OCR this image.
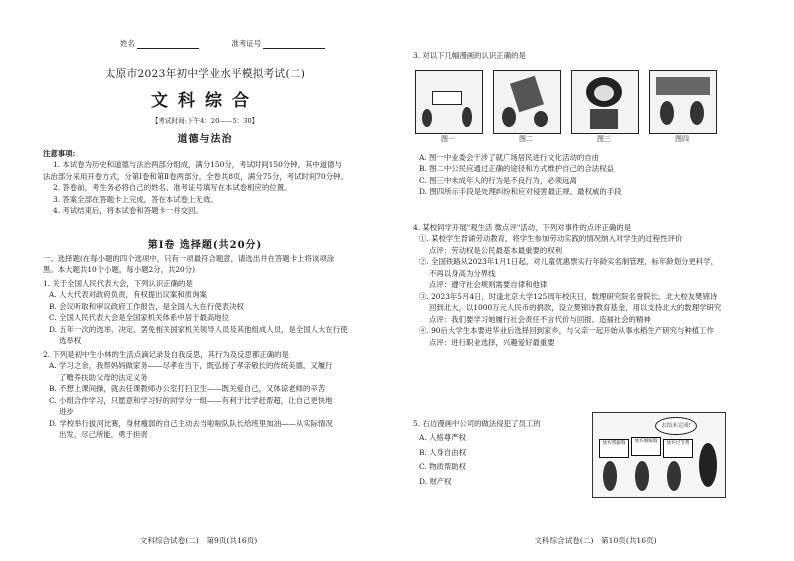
姓名	准考证号
太原市2023年初中学业水平模拟考试(二)
文科综合
【考试时间:下午4：20——5：30】
道德与法治
注意事项:
1. 本试卷为历史和道德与法治两部分组成，满分150分，考试时间150分钟。其中道德与
法治部分采用开卷方式，分第Ⅰ卷和第Ⅱ卷两部分，全卷共8页，满分75分，考试时间70分钟。
2. 答卷前，考生务必将自己的姓名、准考证号填写在本试卷相应的位置。
3. 答案全部在答题卡上完成，答在本试卷上无效。
4. 考试结束后，将本试卷和答题卡一并交回。
第Ⅰ卷 选择题(共20分)
一、选择题(在每小题的四个选项中，只有一项最符合题意，请选出并在答题卡上将该项涂
黑。本大题共10个小题，每小题2分，共20分)
1. 关于全国人民代表大会，下列认识正确的是
A. 人大代表对政府负责，有权提出议案和质询案
B. 会议听取和审议政府工作报告，是全国人大在行使表决权
C. 全国人民代表大会是全国家机关体系中居于最高地位
D. 五年一次的选举、决定、罢免相关国家机关领导人员及其他组成人员，是全国人大在行使
选举权
2. 下列是初中生小林的生活点滴记录及自我反思，其行为及反思都正确的是
A. 学习之余，我帮妈妈做家务——尽孝在当下，既弘扬了孝亲敬长的传统美德，又履行
了赡养扶助父母的法定义务
B. 不想上课间操，就去任课教师办公室打扫卫生——既关爱自己，又体谅老师的辛苦
C. 小组合作学习，只愿意和学习好的同学分一组——有利于比学赶帮超，让自己更快地
进步
D. 学校举行拔河比赛，身材瘦弱的自己主动去当啦啦队队长给班里加油——从实际情况
出发，尽己所能，勇于担责
文科综合试卷(二)　第9页(共16页)
3. 对以下几幅漫画的认识正确的是
图一	图二	图三	图四
A. 图一中业委会干涉了就广场居民进行文化活动的自由
B. 图二中公民应通过正确的途径和方式维护自己的合法权益
C. 图三中未成年人的行为是不良行为，必须远离
D. 图四所示手段是处理纠纷和应对侵害最正规、最权威的手段
4. 某校同学开展"观生活 微点评"活动，下列对事件的点评正确的是
①. 某校学生背诵劳动教育，将学生参加劳动实践的情况纳入对学生的过程性评价
点评：劳动权是公民最基本最重要的权利
②. 全国铁路从2023年1月1日起，对儿童优惠票实行年龄实名制管理，标年龄划分更科学，
不再以身高为分界线
点评：遵守社会规则需要自律和他律
③. 2023年5月4日，时逢北京大学125周年校庆日，数理研究院名誉院长、北大校友樊锦诗
回到北大，以1000万元人民币的捐款，设立樊锦诗教育基金，用以支持北大的数理学研究
点评：我们要学习她履行社会责任不言代价与回报、造福社会的精神
④. 90后大学生本要进华业后选择回到家乡，与父亲一起开始从事水稻生产研究与种植工作
点评：进行职业选择，兴趣爱好最重要
5. 右边漫画中公司的做法侵犯了员工的
A. 人格尊严权
B. 人身自由权
C. 物质帮助权
D. 财产权
去结未完成!
放弃带薪假	放弃婚嫁假	放弃过节费
文科综合试卷(二)　第10页(共16页)
